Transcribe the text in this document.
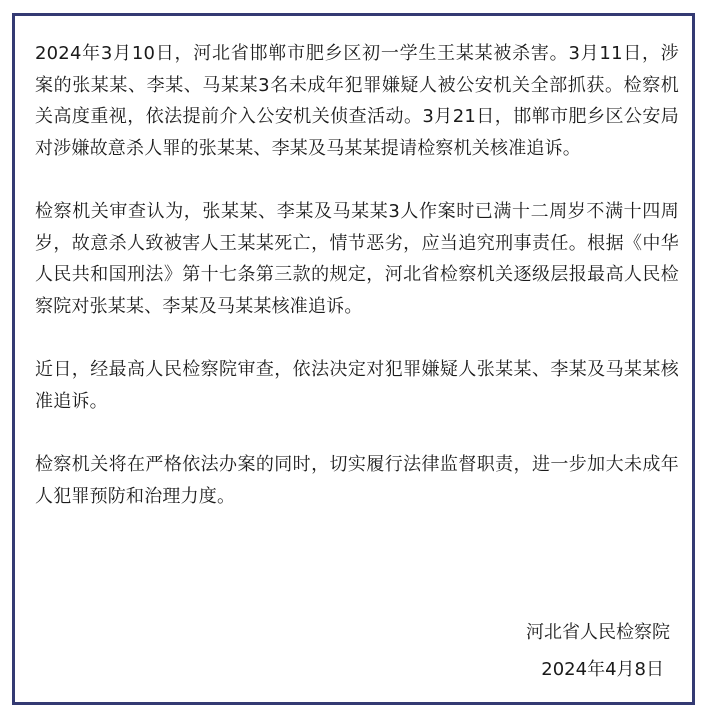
2024年3月10日，河北省邯郸市肥乡区初一学生王某某被杀害。3月11日，涉案的张某某、李某、马某某3名未成年犯罪嫌疑人被公安机关全部抓获。检察机关高度重视，依法提前介入公安机关侦查活动。3月21日，邯郸市肥乡区公安局对涉嫌故意杀人罪的张某某、李某及马某某提请检察机关核准追诉。

检察机关审查认为，张某某、李某及马某某3人作案时已满十二周岁不满十四周岁，故意杀人致被害人王某某死亡，情节恶劣，应当追究刑事责任。根据《中华人民共和国刑法》第十七条第三款的规定，河北省检察机关逐级层报最高人民检察院对张某某、李某及马某某核准追诉。

近日，经最高人民检察院审查，依法决定对犯罪嫌疑人张某某、李某及马某某核准追诉。

检察机关将在严格依法办案的同时，切实履行法律监督职责，进一步加大未成年人犯罪预防和治理力度。

河北省人民检察院

2024年4月8日
